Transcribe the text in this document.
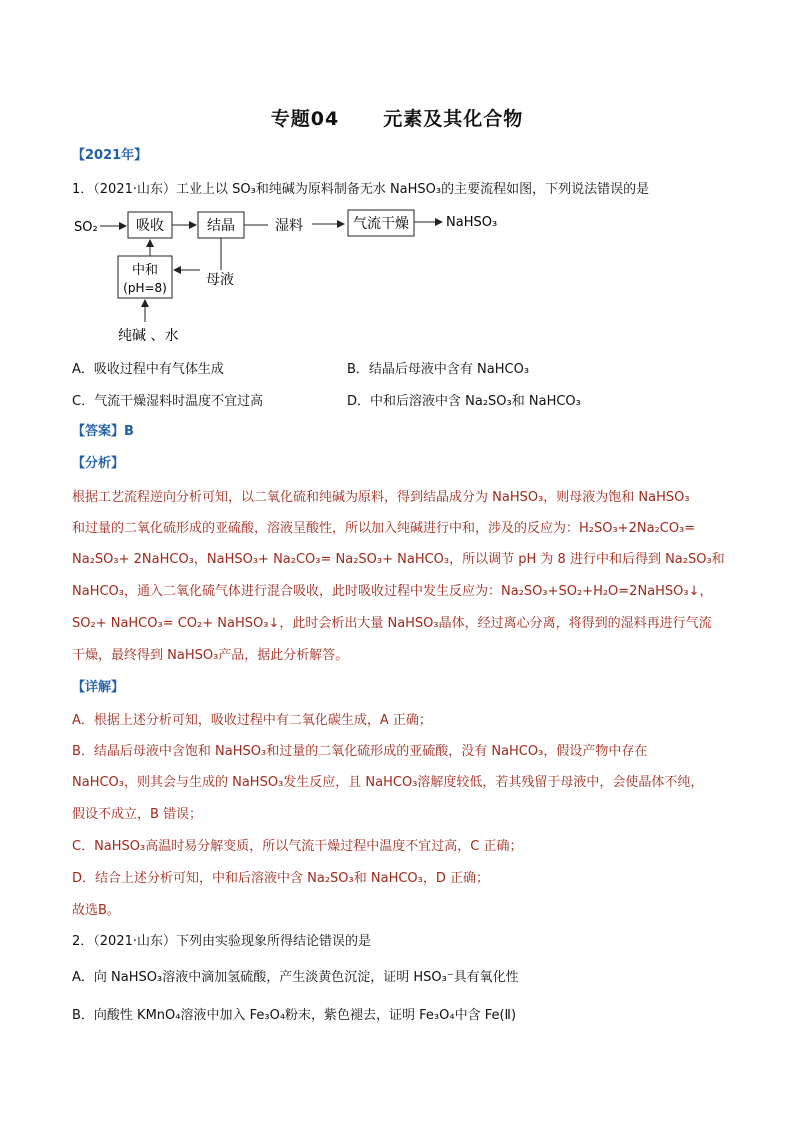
专题04 元素及其化合物
【2021年】
1．（2021·山东）工业上以 SO₃和纯碱为原料制备无水 NaHSO₃的主要流程如图，下列说法错误的是
SO₂	吸收	结晶	湿料	气流干燥	NaHSO₃
母液
中和
(pH=8)
纯碱 、水
A．吸收过程中有气体生成	B．结晶后母液中含有 NaHCO₃
C．气流干燥湿料时温度不宜过高	D．中和后溶液中含 Na₂SO₃和 NaHCO₃
【答案】B
【分析】
根据工艺流程逆向分析可知，以二氧化硫和纯碱为原料，得到结晶成分为 NaHSO₃，则母液为饱和 NaHSO₃
和过量的二氧化硫形成的亚硫酸，溶液呈酸性，所以加入纯碱进行中和，涉及的反应为：H₂SO₃+2Na₂CO₃=
Na₂SO₃+ 2NaHCO₃，NaHSO₃+ Na₂CO₃= Na₂SO₃+ NaHCO₃，所以调节 pH 为 8 进行中和后得到 Na₂SO₃和
NaHCO₃，通入二氧化硫气体进行混合吸收，此时吸收过程中发生反应为：Na₂SO₃+SO₂+H₂O=2NaHSO₃↓，
SO₂+ NaHCO₃= CO₂+ NaHSO₃↓，此时会析出大量 NaHSO₃晶体，经过离心分离，将得到的湿料再进行气流
干燥，最终得到 NaHSO₃产品，据此分析解答。
【详解】
A．根据上述分析可知，吸收过程中有二氧化碳生成，A 正确；
B．结晶后母液中含饱和 NaHSO₃和过量的二氧化硫形成的亚硫酸，没有 NaHCO₃，假设产物中存在
NaHCO₃，则其会与生成的 NaHSO₃发生反应，且 NaHCO₃溶解度较低，若其残留于母液中，会使晶体不纯，
假设不成立，B 错误；
C．NaHSO₃高温时易分解变质，所以气流干燥过程中温度不宜过高，C 正确；
D．结合上述分析可知，中和后溶液中含 Na₂SO₃和 NaHCO₃，D 正确；
故选B。
2．（2021·山东）下列由实验现象所得结论错误的是
A．向 NaHSO₃溶液中滴加氢硫酸，产生淡黄色沉淀，证明 HSO₃⁻具有氧化性
B．向酸性 KMnO₄溶液中加入 Fe₃O₄粉末，紫色褪去，证明 Fe₃O₄中含 Fe(Ⅱ)
